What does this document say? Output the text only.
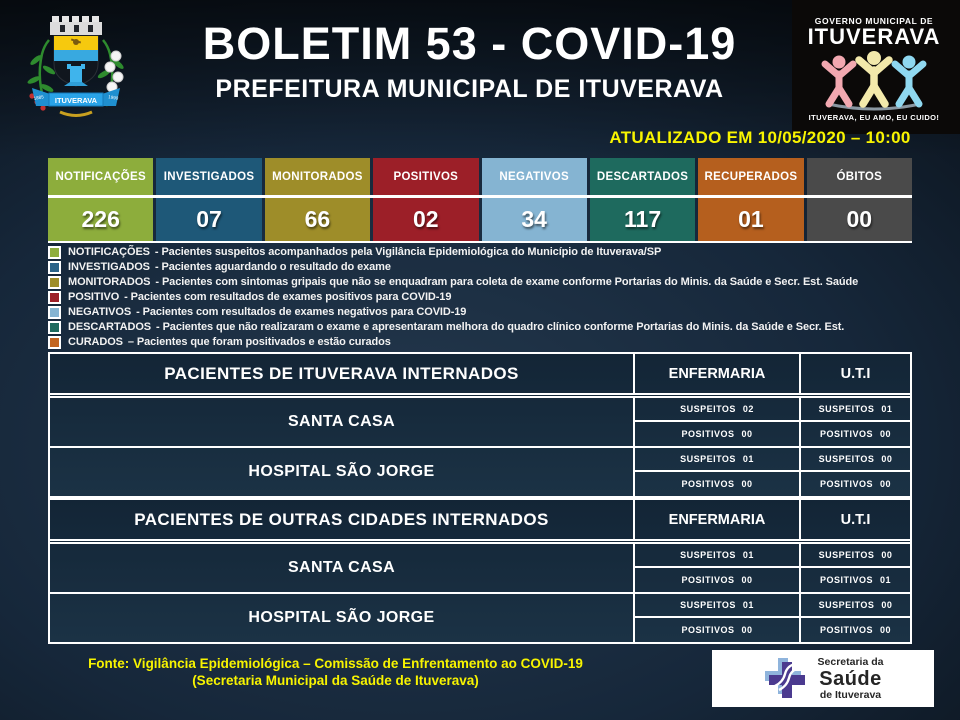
ITUVERAVA
1885	1990
BOLETIM 53 - COVID-19
PREFEITURA MUNICIPAL DE ITUVERAVA
GOVERNO MUNICIPAL DE
ITUVERAVA
ITUVERAVA, EU AMO, EU CUIDO!
ATUALIZADO EM 10/05/2020 – 10:00
NOTIFICAÇÕES	INVESTIGADOS	MONITORADOS	POSITIVOS	NEGATIVOS	DESCARTADOS	RECUPERADOS	ÓBITOS
226	07	66	02	34	117	01	00
NOTIFICAÇÕES - Pacientes suspeitos acompanhados pela Vigilância Epidemiológica do Município de Ituverava/SP
INVESTIGADOS - Pacientes aguardando o resultado do exame
MONITORADOS - Pacientes com sintomas gripais que não se enquadram para coleta de exame conforme Portarias do Minis. da Saúde e Secr. Est. Saúde
POSITIVO - Pacientes com resultados de exames positivos para COVID-19
NEGATIVOS - Pacientes com resultados de exames negativos para COVID-19
DESCARTADOS - Pacientes que não realizaram o exame e apresentaram melhora do quadro clínico conforme Portarias do Minis. da Saúde e Secr. Est.
CURADOS – Pacientes que foram positivados e estão curados
PACIENTES DE ITUVERAVA INTERNADOS	ENFERMARIA	U.T.I
SANTA CASA
SUSPEITOS 02	SUSPEITOS 01
POSITIVOS 00	POSITIVOS 00
HOSPITAL SÃO JORGE
SUSPEITOS 01	SUSPEITOS 00
POSITIVOS 00	POSITIVOS 00
PACIENTES DE OUTRAS CIDADES INTERNADOS	ENFERMARIA	U.T.I
SANTA CASA
SUSPEITOS 01	SUSPEITOS 00
POSITIVOS 00	POSITIVOS 01
HOSPITAL SÃO JORGE
SUSPEITOS 01	SUSPEITOS 00
POSITIVOS 00	POSITIVOS 00
Fonte: Vigilância Epidemiológica – Comissão de Enfrentamento ao COVID-19
(Secretaria Municipal da Saúde de Ituverava)
Secretaria da
Saúde
de Ituverava
